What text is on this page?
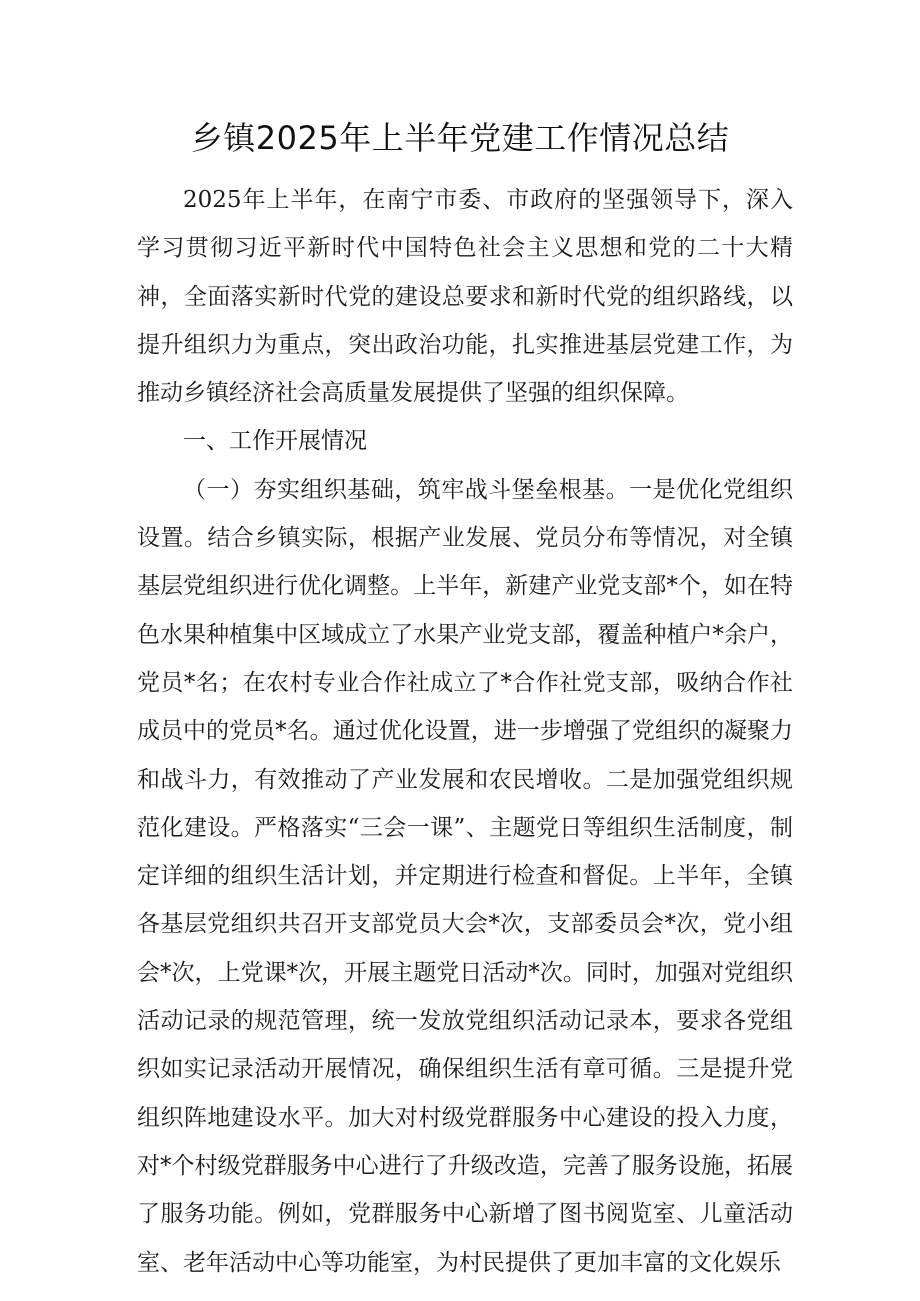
乡镇2025年上半年党建工作情况总结

2025年上半年，在南宁市委、市政府的坚强领导下，深入学习贯彻习近平新时代中国特色社会主义思想和党的二十大精神，全面落实新时代党的建设总要求和新时代党的组织路线，以提升组织力为重点，突出政治功能，扎实推进基层党建工作，为推动乡镇经济社会高质量发展提供了坚强的组织保障。

一、工作开展情况

（一）夯实组织基础，筑牢战斗堡垒根基。一是优化党组织设置。结合乡镇实际，根据产业发展、党员分布等情况，对全镇基层党组织进行优化调整。上半年，新建产业党支部*个，如在特色水果种植集中区域成立了水果产业党支部，覆盖种植户*余户，党员*名；在农村专业合作社成立了*合作社党支部，吸纳合作社成员中的党员*名。通过优化设置，进一步增强了党组织的凝聚力和战斗力，有效推动了产业发展和农民增收。二是加强党组织规范化建设。严格落实“三会一课”、主题党日等组织生活制度，制定详细的组织生活计划，并定期进行检查和督促。上半年，全镇各基层党组织共召开支部党员大会*次，支部委员会*次，党小组会*次，上党课*次，开展主题党日活动*次。同时，加强对党组织活动记录的规范管理，统一发放党组织活动记录本，要求各党组织如实记录活动开展情况，确保组织生活有章可循。三是提升党组织阵地建设水平。加大对村级党群服务中心建设的投入力度，对*个村级党群服务中心进行了升级改造，完善了服务设施，拓展了服务功能。例如，党群服务中心新增了图书阅览室、儿童活动室、老年活动中心等功能室，为村民提供了更加丰富的文化娱乐
